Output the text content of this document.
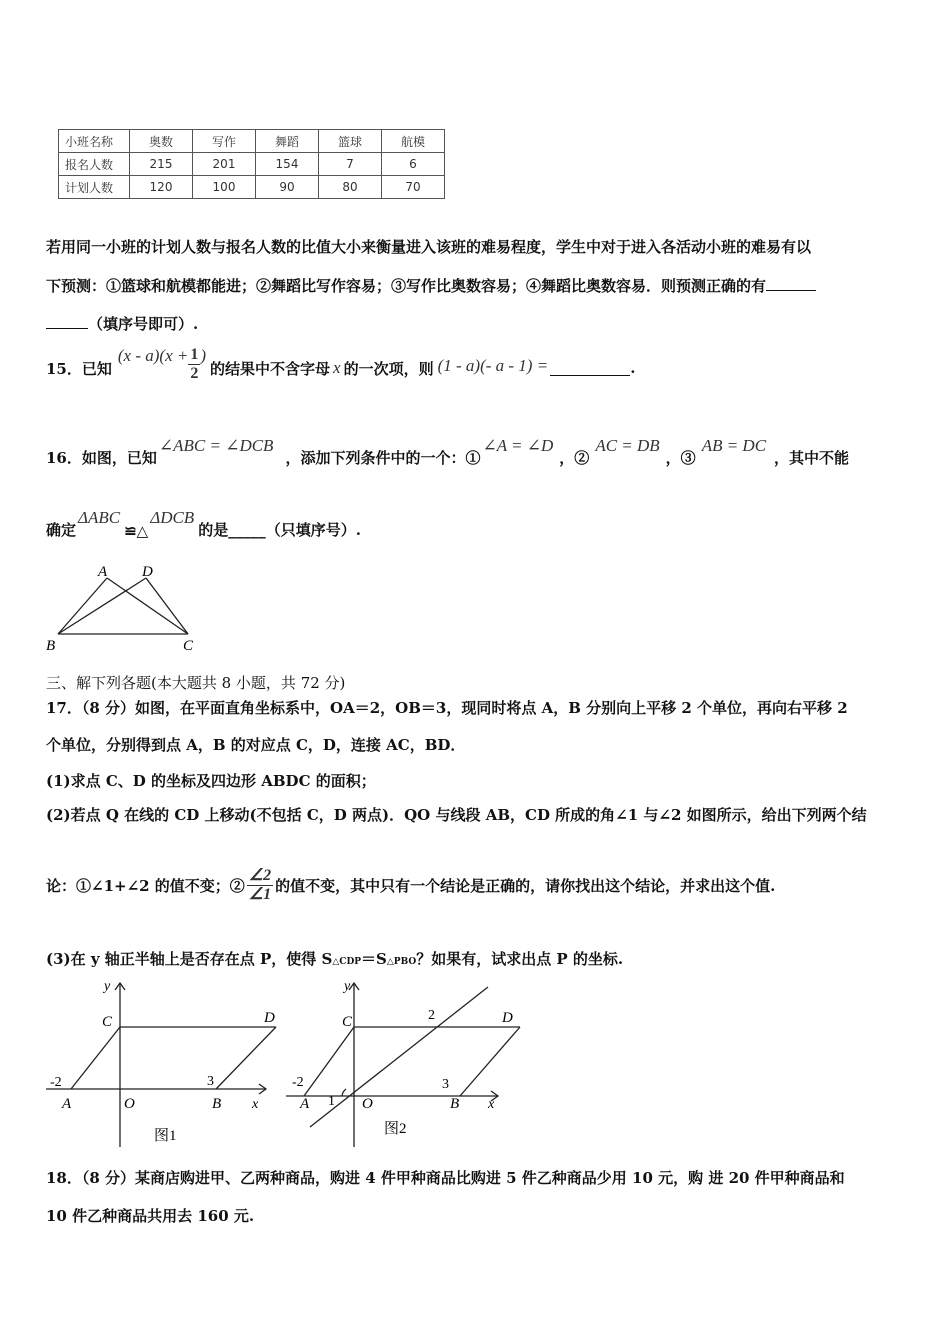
小班名称	奥数	写作	舞蹈	篮球	航模
报名人数	215	201	154	7	6
计划人数	120	100	90	80	70
若用同一小班的计划人数与报名人数的比值大小来衡量进入该班的难易程度，学生中对于进入各活动小班的难易有以
下预测：①篮球和航模都能进；②舞蹈比写作容易；③写作比奥数容易；④舞蹈比奥数容易．则预测正确的有
（填序号即可）.
15．已知
$(x - a)(x + \frac{1}{2}$ )
的结果中不含字母 x 的一次项，则 (1 - a)(- a - 1) =	.
16．如图，已知
∠ABC = ∠DCB
，添加下列条件中的一个：①
∠A = ∠D
，②
AC = DB
，③
AB = DC
，其中不能
确定
ΔABC
≌△
ΔDCB
的是_____（只填序号）.
A D
B	C
三、解下列各题(本大题共 8 小题，共 72 分)
17．（8 分）如图，在平面直角坐标系中，OA＝2，OB＝3，现同时将点 A，B 分别向上平移 2 个单位，再向右平移 2
个单位，分别得到点 A，B 的对应点 C，D，连接 AC，BD．
(1)求点 C、D 的坐标及四边形 ABDC 的面积；
(2)若点 Q 在线的 CD 上移动(不包括 C，D 两点)．QO 与线段 AB，CD 所成的角∠1 与∠2 如图所示，给出下列两个结
论：①∠1+∠2 的值不变；② $\frac{\angle 2}{\angle 1}$ 的值不变，其中只有一个结论是正确的，请你找出这个结论，并求出这个值.
(3)在 y 轴正半轴上是否存在点 P，使得 S△CDP＝S△PBO？如果有，试求出点 P 的坐标.
y
x
C	D
A	O	B
-2	3
图1
y
x
C	D
A	O	B
-2	3
1
2
图2
18．（8 分）某商店购进甲、乙两种商品，购进 4 件甲种商品比购进 5 件乙种商品少用 10 元，购 进 20 件甲种商品和
10 件乙种商品共用去 160 元.
